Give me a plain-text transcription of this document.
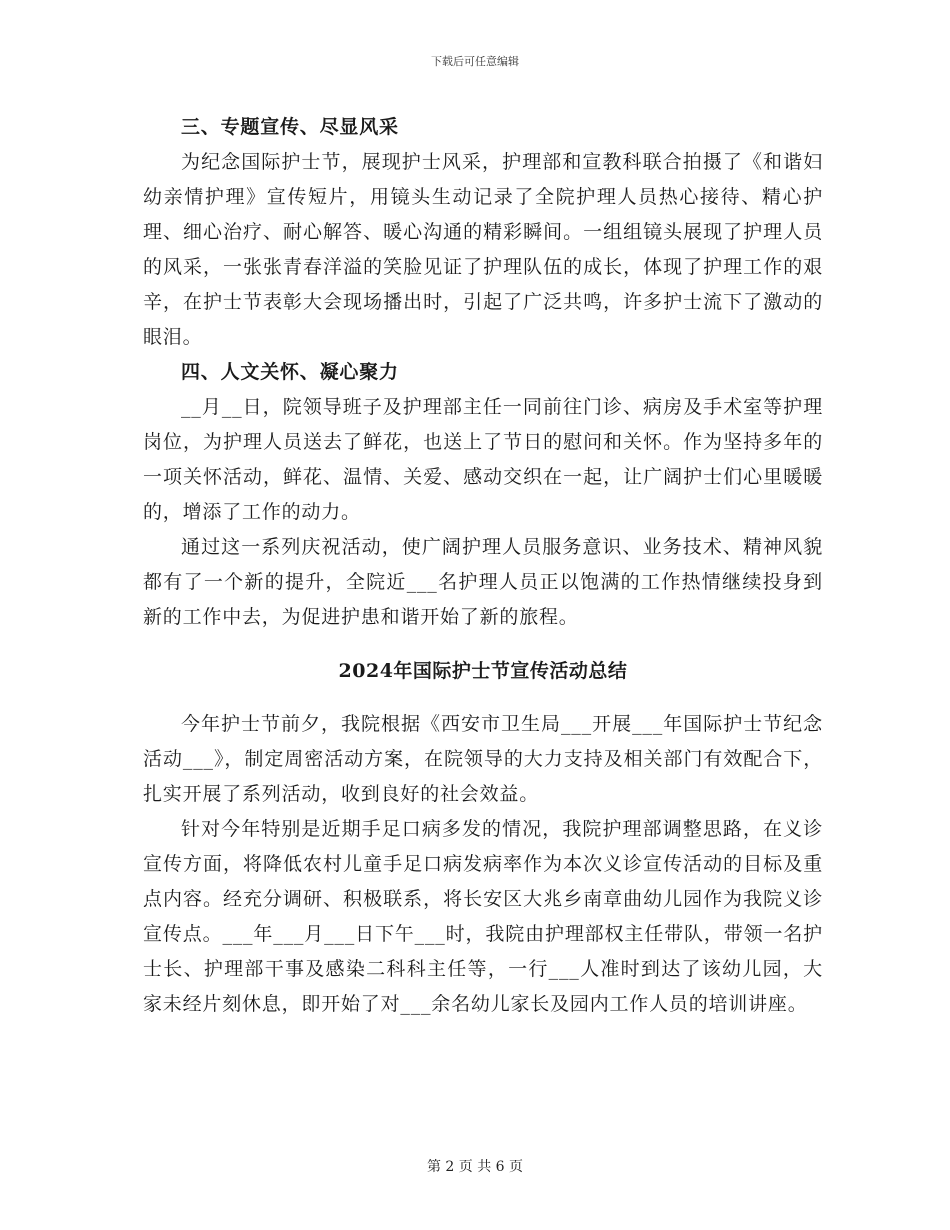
下载后可任意编辑

三、专题宣传、尽显风采

为纪念国际护士节，展现护士风采，护理部和宣教科联合拍摄了《和谐妇幼亲情护理》宣传短片，用镜头生动记录了全院护理人员热心接待、精心护理、细心治疗、耐心解答、暖心沟通的精彩瞬间。一组组镜头展现了护理人员的风采，一张张青春洋溢的笑脸见证了护理队伍的成长，体现了护理工作的艰辛，在护士节表彰大会现场播出时，引起了广泛共鸣，许多护士流下了激动的眼泪。

四、人文关怀、凝心聚力

__月__日，院领导班子及护理部主任一同前往门诊、病房及手术室等护理岗位，为护理人员送去了鲜花，也送上了节日的慰问和关怀。作为坚持多年的一项关怀活动，鲜花、温情、关爱、感动交织在一起，让广阔护士们心里暖暖的，增添了工作的动力。

通过这一系列庆祝活动，使广阔护理人员服务意识、业务技术、精神风貌都有了一个新的提升，全院近___名护理人员正以饱满的工作热情继续投身到新的工作中去，为促进护患和谐开始了新的旅程。

2024年国际护士节宣传活动总结

今年护士节前夕，我院根据《西安市卫生局___开展___年国际护士节纪念活动___》，制定周密活动方案，在院领导的大力支持及相关部门有效配合下，扎实开展了系列活动，收到良好的社会效益。

针对今年特别是近期手足口病多发的情况，我院护理部调整思路，在义诊宣传方面，将降低农村儿童手足口病发病率作为本次义诊宣传活动的目标及重点内容。经充分调研、积极联系，将长安区大兆乡南章曲幼儿园作为我院义诊宣传点。___年___月___日下午___时，我院由护理部权主任带队，带领一名护士长、护理部干事及感染二科科主任等，一行___人准时到达了该幼儿园，大家未经片刻休息，即开始了对___余名幼儿家长及园内工作人员的培训讲座。

第 2 页 共 6 页
